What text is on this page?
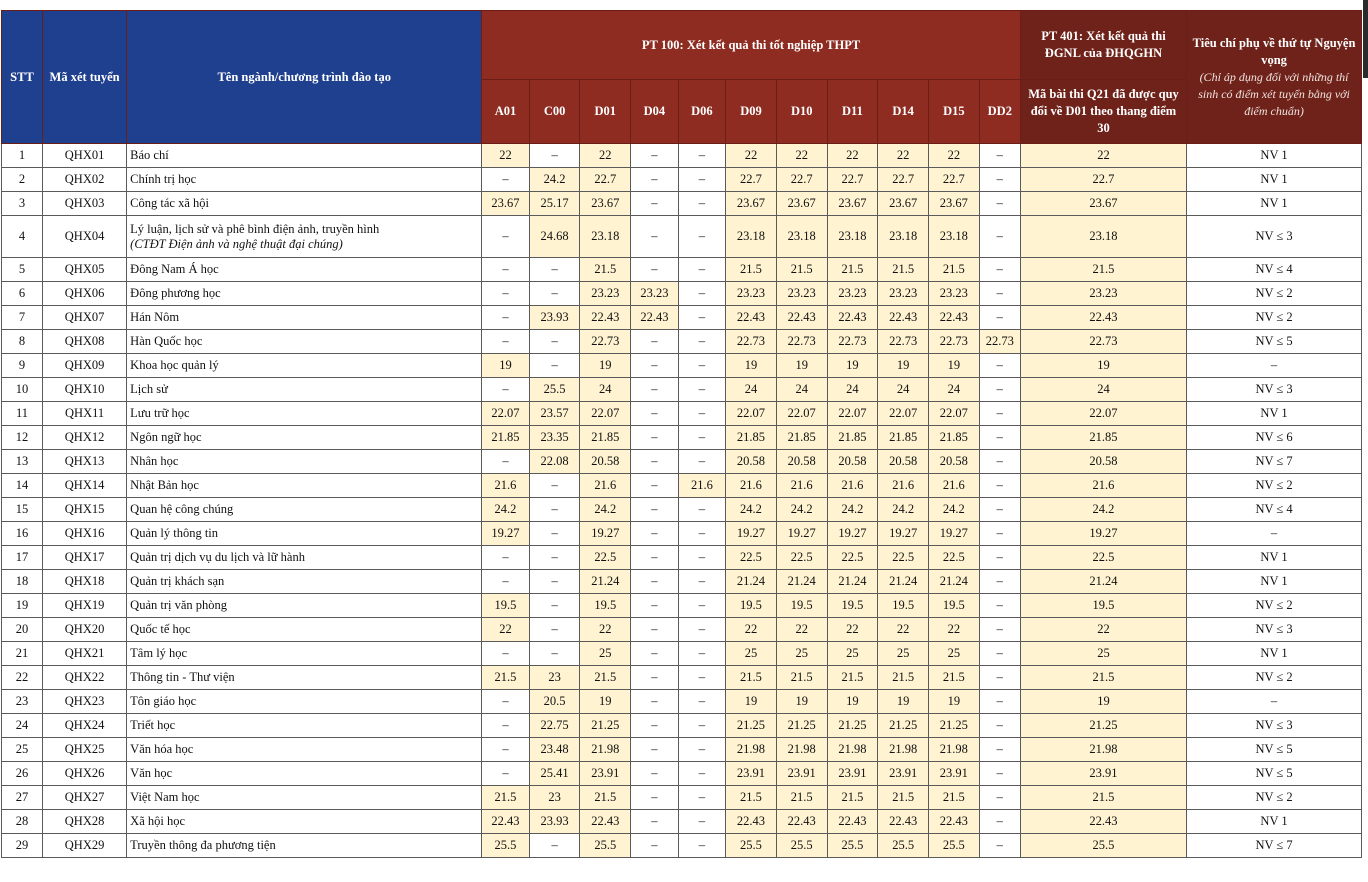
STT	Mã xét tuyển	Tên ngành/chương trình đào tạo	PT 100: Xét kết quả thi tốt nghiệp THPT											PT 401: Xét kết quả thi ĐGNL của ĐHQGHN	Tiêu chí phụ về thứ tự Nguyện vọng
(Chỉ áp dụng đối với những thí sinh có điểm xét tuyển bằng với điểm chuẩn)

			A01	C00	D01	D04	D06	D09	D10	D11	D14	D15	DD2	Mã bài thi Q21 đã được quy đổi về D01 theo thang điểm 30	
1	QHX01	Báo chí	22	–	22	–	–	22	22	22	22	22	–	22	NV 1
2	QHX02	Chính trị học	–	24.2	22.7	–	–	22.7	22.7	22.7	22.7	22.7	–	22.7	NV 1
3	QHX03	Công tác xã hội	23.67	25.17	23.67	–	–	23.67	23.67	23.67	23.67	23.67	–	23.67	NV 1
4	QHX04	Lý luận, lịch sử và phê bình điện ảnh, truyền hình
(CTĐT Điện ảnh và nghệ thuật đại chúng)	–	24.68	23.18	–	–	23.18	23.18	23.18	23.18	23.18	–	23.18	NV ≤ 3
5	QHX05	Đông Nam Á học	–	–	21.5	–	–	21.5	21.5	21.5	21.5	21.5	–	21.5	NV ≤ 4
6	QHX06	Đông phương học	–	–	23.23	23.23	–	23.23	23.23	23.23	23.23	23.23	–	23.23	NV ≤ 2
7	QHX07	Hán Nôm	–	23.93	22.43	22.43	–	22.43	22.43	22.43	22.43	22.43	–	22.43	NV ≤ 2
8	QHX08	Hàn Quốc học	–	–	22.73	–	–	22.73	22.73	22.73	22.73	22.73	22.73	22.73	NV ≤ 5
9	QHX09	Khoa học quản lý	19	–	19	–	–	19	19	19	19	19	–	19	–
10	QHX10	Lịch sử	–	25.5	24	–	–	24	24	24	24	24	–	24	NV ≤ 3
11	QHX11	Lưu trữ học	22.07	23.57	22.07	–	–	22.07	22.07	22.07	22.07	22.07	–	22.07	NV 1
12	QHX12	Ngôn ngữ học	21.85	23.35	21.85	–	–	21.85	21.85	21.85	21.85	21.85	–	21.85	NV ≤ 6
13	QHX13	Nhân học	–	22.08	20.58	–	–	20.58	20.58	20.58	20.58	20.58	–	20.58	NV ≤ 7
14	QHX14	Nhật Bản học	21.6	–	21.6	–	21.6	21.6	21.6	21.6	21.6	21.6	–	21.6	NV ≤ 2
15	QHX15	Quan hệ công chúng	24.2	–	24.2	–	–	24.2	24.2	24.2	24.2	24.2	–	24.2	NV ≤ 4
16	QHX16	Quản lý thông tin	19.27	–	19.27	–	–	19.27	19.27	19.27	19.27	19.27	–	19.27	–
17	QHX17	Quản trị dịch vụ du lịch và lữ hành	–	–	22.5	–	–	22.5	22.5	22.5	22.5	22.5	–	22.5	NV 1
18	QHX18	Quản trị khách sạn	–	–	21.24	–	–	21.24	21.24	21.24	21.24	21.24	–	21.24	NV 1
19	QHX19	Quản trị văn phòng	19.5	–	19.5	–	–	19.5	19.5	19.5	19.5	19.5	–	19.5	NV ≤ 2
20	QHX20	Quốc tế học	22	–	22	–	–	22	22	22	22	22	–	22	NV ≤ 3
21	QHX21	Tâm lý học	–	–	25	–	–	25	25	25	25	25	–	25	NV 1
22	QHX22	Thông tin - Thư viện	21.5	23	21.5	–	–	21.5	21.5	21.5	21.5	21.5	–	21.5	NV ≤ 2
23	QHX23	Tôn giáo học	–	20.5	19	–	–	19	19	19	19	19	–	19	–
24	QHX24	Triết học	–	22.75	21.25	–	–	21.25	21.25	21.25	21.25	21.25	–	21.25	NV ≤ 3
25	QHX25	Văn hóa học	–	23.48	21.98	–	–	21.98	21.98	21.98	21.98	21.98	–	21.98	NV ≤ 5
26	QHX26	Văn học	–	25.41	23.91	–	–	23.91	23.91	23.91	23.91	23.91	–	23.91	NV ≤ 5
27	QHX27	Việt Nam học	21.5	23	21.5	–	–	21.5	21.5	21.5	21.5	21.5	–	21.5	NV ≤ 2
28	QHX28	Xã hội học	22.43	23.93	22.43	–	–	22.43	22.43	22.43	22.43	22.43	–	22.43	NV 1
29	QHX29	Truyền thông đa phương tiện	25.5	–	25.5	–	–	25.5	25.5	25.5	25.5	25.5	–	25.5	NV ≤ 7
